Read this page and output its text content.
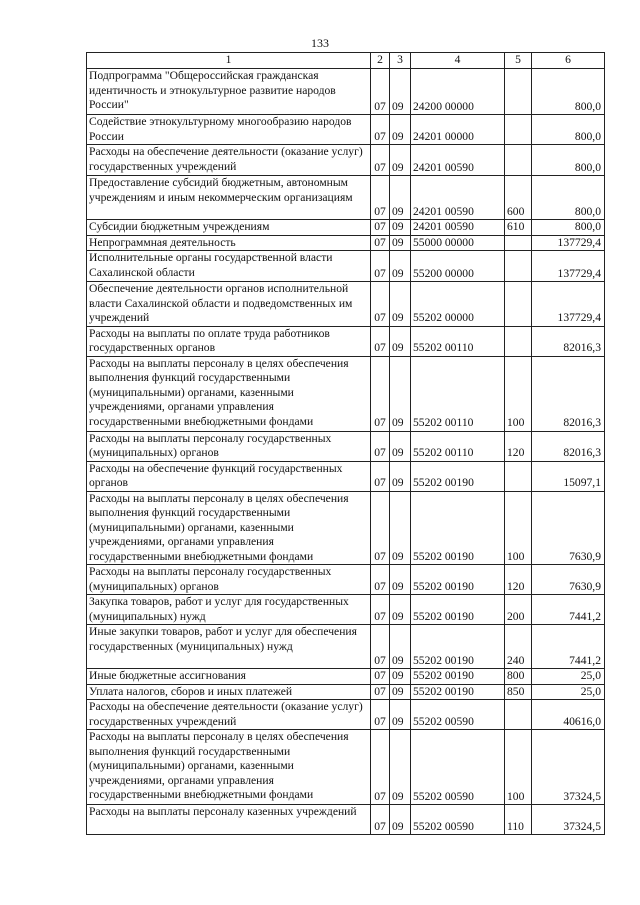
133
1	2	3	4	5	6
Подпрограмма "Общероссийская гражданская идентичность и этнокультурное развитие народов России"	07	09	24200 00000		800,0
Содействие этнокультурному многообразию народов России	07	09	24201 00000		800,0
Расходы на обеспечение деятельности (оказание услуг) государственных учреждений	07	09	24201 00590		800,0
Предоставление субсидий бюджетным, автономным учреждениям и иным некоммерческим организациям	07	09	24201 00590	600	800,0
Субсидии бюджетным учреждениям	07	09	24201 00590	610	800,0
Непрограммная деятельность	07	09	55000 00000		137729,4
Исполнительные органы государственной власти Сахалинской области	07	09	55200 00000		137729,4
Обеспечение деятельности органов исполнительной власти Сахалинской области и подведомственных им учреждений	07	09	55202 00000		137729,4
Расходы на выплаты по оплате труда работников государственных органов	07	09	55202 00110		82016,3
Расходы на выплаты персоналу в целях обеспечения выполнения функций государственными (муниципальными) органами, казенными учреждениями, органами управления государственными внебюджетными фондами	07	09	55202 00110	100	82016,3
Расходы на выплаты персоналу государственных (муниципальных) органов	07	09	55202 00110	120	82016,3
Расходы на обеспечение функций государственных органов	07	09	55202 00190		15097,1
Расходы на выплаты персоналу в целях обеспечения выполнения функций государственными (муниципальными) органами, казенными учреждениями, органами управления государственными внебюджетными фондами	07	09	55202 00190	100	7630,9
Расходы на выплаты персоналу государственных (муниципальных) органов	07	09	55202 00190	120	7630,9
Закупка товаров, работ и услуг для государственных (муниципальных) нужд	07	09	55202 00190	200	7441,2
Иные закупки товаров, работ и услуг для обеспечения государственных (муниципальных) нужд	07	09	55202 00190	240	7441,2
Иные бюджетные ассигнования	07	09	55202 00190	800	25,0
Уплата налогов, сборов и иных платежей	07	09	55202 00190	850	25,0
Расходы на обеспечение деятельности (оказание услуг) государственных учреждений	07	09	55202 00590		40616,0
Расходы на выплаты персоналу в целях обеспечения выполнения функций государственными (муниципальными) органами, казенными учреждениями, органами управления государственными внебюджетными фондами	07	09	55202 00590	100	37324,5
Расходы на выплаты персоналу казенных учреждений	07	09	55202 00590	110	37324,5
